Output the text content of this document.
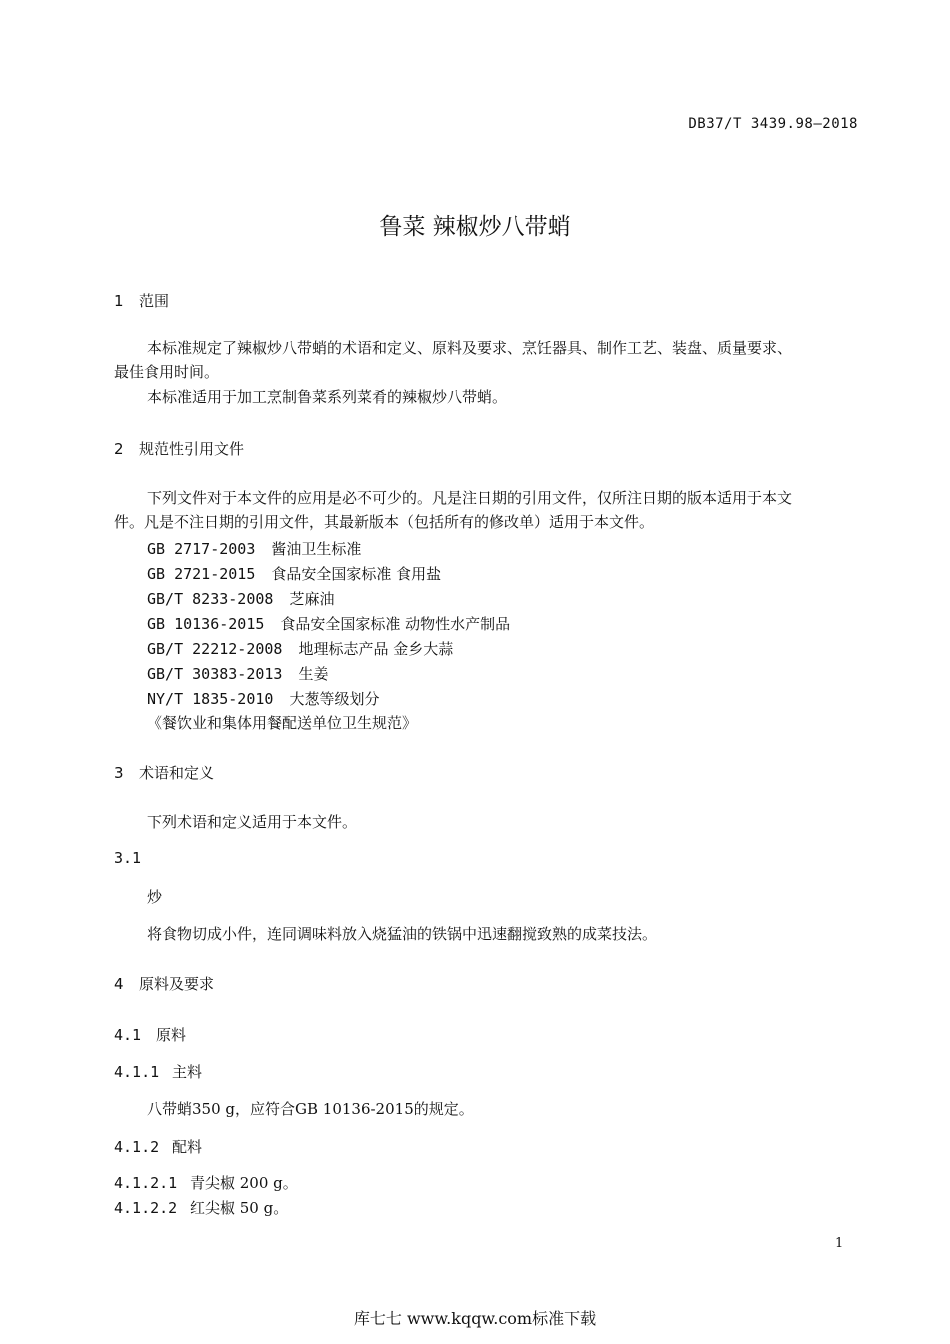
DB37/T 3439.98—2018
鲁菜 辣椒炒八带蛸
1 范围
本标准规定了辣椒炒八带蛸的术语和定义、原料及要求、烹饪器具、制作工艺、装盘、质量要求、
最佳食用时间。
本标准适用于加工烹制鲁菜系列菜肴的辣椒炒八带蛸。
2 规范性引用文件
下列文件对于本文件的应用是必不可少的。凡是注日期的引用文件，仅所注日期的版本适用于本文
件。凡是不注日期的引用文件，其最新版本（包括所有的修改单）适用于本文件。
GB 2717-2003 酱油卫生标准
GB 2721-2015 食品安全国家标准 食用盐
GB/T 8233-2008 芝麻油
GB 10136-2015 食品安全国家标准 动物性水产制品
GB/T 22212-2008 地理标志产品 金乡大蒜
GB/T 30383-2013 生姜
NY/T 1835-2010 大葱等级划分
《餐饮业和集体用餐配送单位卫生规范》
3 术语和定义
下列术语和定义适用于本文件。
3.1
炒
将食物切成小件，连同调味料放入烧猛油的铁锅中迅速翻搅致熟的成菜技法。
4 原料及要求
4.1 原料
4.1.1 主料
八带蛸350 g，应符合GB 10136-2015的规定。
4.1.2 配料
4.1.2.1 青尖椒 200 g。
4.1.2.2 红尖椒 50 g。
1
库七七 www.kqqw.com标准下载
